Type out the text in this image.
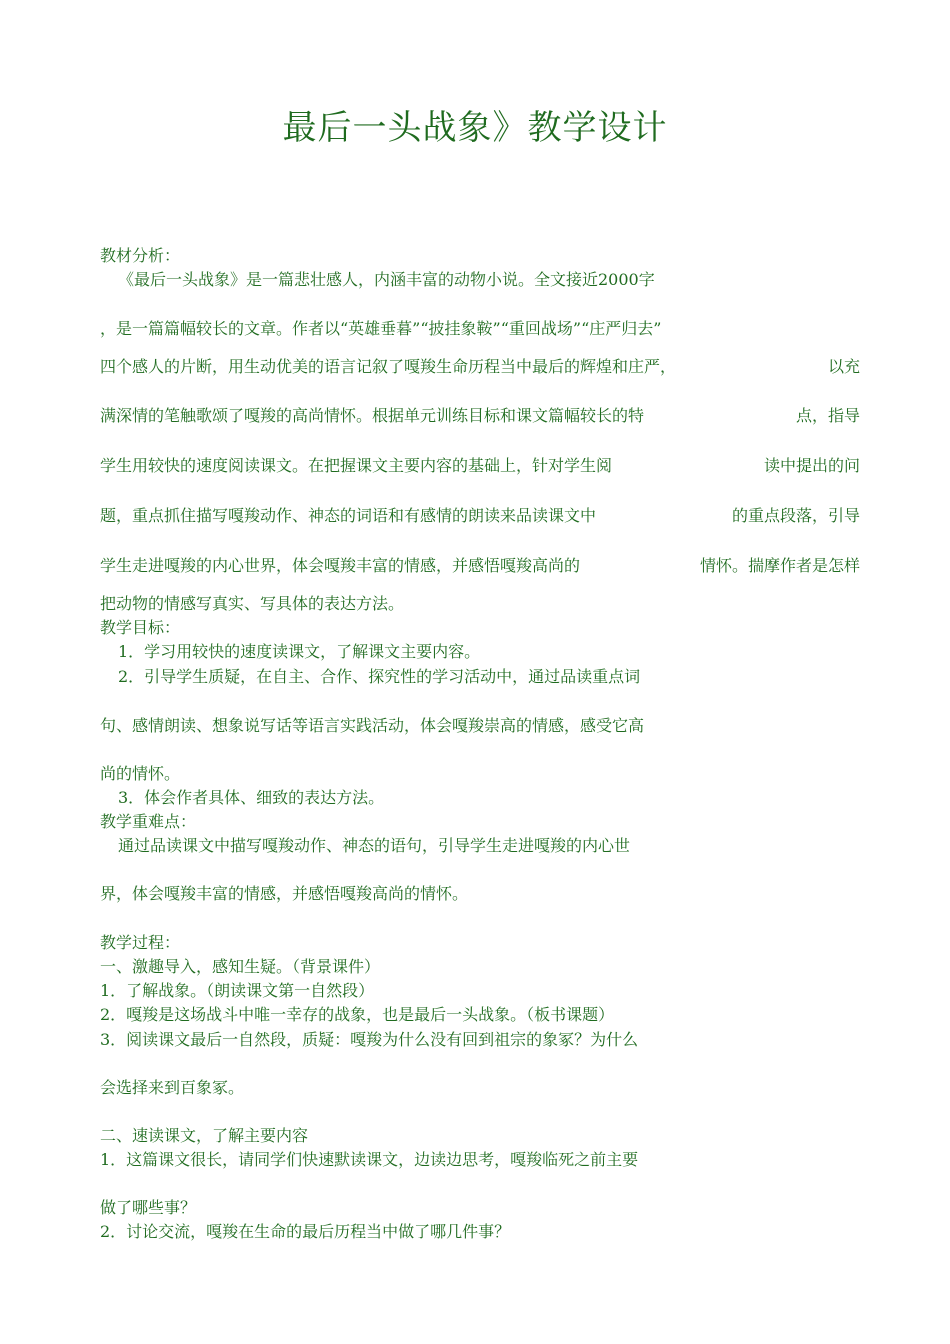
最后一头战象》教学设计
教材分析：
《最后一头战象》是一篇悲壮感人，内涵丰富的动物小说。全文接近2000字
，是一篇篇幅较长的文章。作者以“英雄垂暮”“披挂象鞍”“重回战场”“庄严归去”
四个感人的片断，用生动优美的语言记叙了嘎羧生命历程当中最后的辉煌和庄严，	以充
满深情的笔触歌颂了嘎羧的高尚情怀。根据单元训练目标和课文篇幅较长的特	点，指导
学生用较快的速度阅读课文。在把握课文主要内容的基础上，针对学生阅	读中提出的问
题，重点抓住描写嘎羧动作、神态的词语和有感情的朗读来品读课文中	的重点段落，引导
学生走进嘎羧的内心世界，体会嘎羧丰富的情感，并感悟嘎羧高尚的	情怀。揣摩作者是怎样
把动物的情感写真实、写具体的表达方法。
教学目标：
1．学习用较快的速度读课文，了解课文主要内容。
2．引导学生质疑，在自主、合作、探究性的学习活动中，通过品读重点词
句、感情朗读、想象说写话等语言实践活动，体会嘎羧崇高的情感，感受它高
尚的情怀。
3．体会作者具体、细致的表达方法。
教学重难点：
通过品读课文中描写嘎羧动作、神态的语句，引导学生走进嘎羧的内心世
界，体会嘎羧丰富的情感，并感悟嘎羧高尚的情怀。
教学过程：
一、激趣导入，感知生疑。（背景课件）
1．了解战象。（朗读课文第一自然段）
2．嘎羧是这场战斗中唯一幸存的战象，也是最后一头战象。（板书课题）
3．阅读课文最后一自然段，质疑：嘎羧为什么没有回到祖宗的象冢？为什么
会选择来到百象冢。
二、速读课文，了解主要内容
1．这篇课文很长，请同学们快速默读课文，边读边思考，嘎羧临死之前主要
做了哪些事？
2．讨论交流，嘎羧在生命的最后历程当中做了哪几件事？
